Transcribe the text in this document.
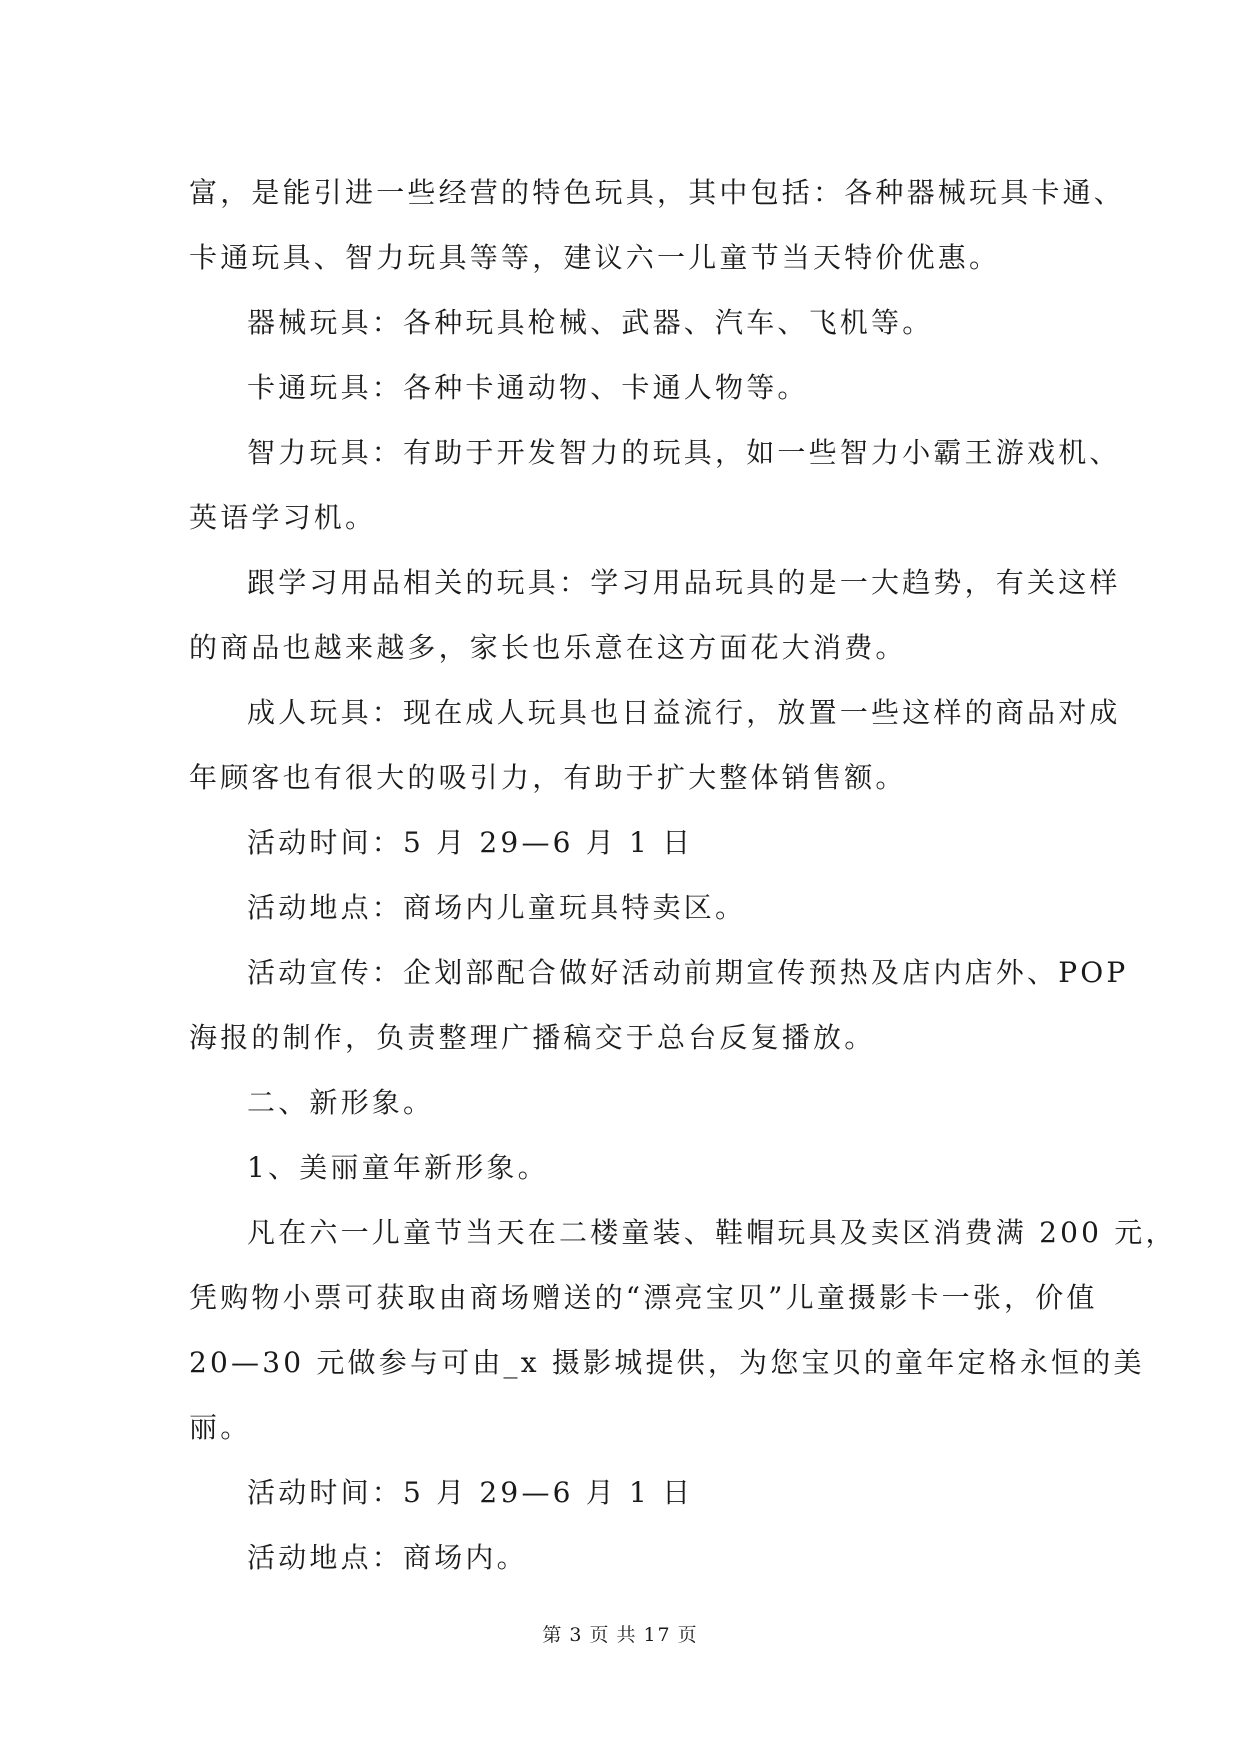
富，是能引进一些经营的特色玩具，其中包括：各种器械玩具卡通、
卡通玩具、智力玩具等等，建议六一儿童节当天特价优惠。
器械玩具：各种玩具枪械、武器、汽车、飞机等。
卡通玩具：各种卡通动物、卡通人物等。
智力玩具：有助于开发智力的玩具，如一些智力小霸王游戏机、
英语学习机。
跟学习用品相关的玩具：学习用品玩具的是一大趋势，有关这样
的商品也越来越多，家长也乐意在这方面花大消费。
成人玩具：现在成人玩具也日益流行，放置一些这样的商品对成
年顾客也有很大的吸引力，有助于扩大整体销售额。
活动时间：5 月 29—6 月 1 日
活动地点：商场内儿童玩具特卖区。
活动宣传：企划部配合做好活动前期宣传预热及店内店外、POP
海报的制作，负责整理广播稿交于总台反复播放。
二、新形象。
1、美丽童年新形象。
凡在六一儿童节当天在二楼童装、鞋帽玩具及卖区消费满 200 元，
凭购物小票可获取由商场赠送的“漂亮宝贝”儿童摄影卡一张，价值
20—30 元做参与可由_x 摄影城提供，为您宝贝的童年定格永恒的美
丽。
活动时间：5 月 29—6 月 1 日
活动地点：商场内。
第 3 页 共 17 页
